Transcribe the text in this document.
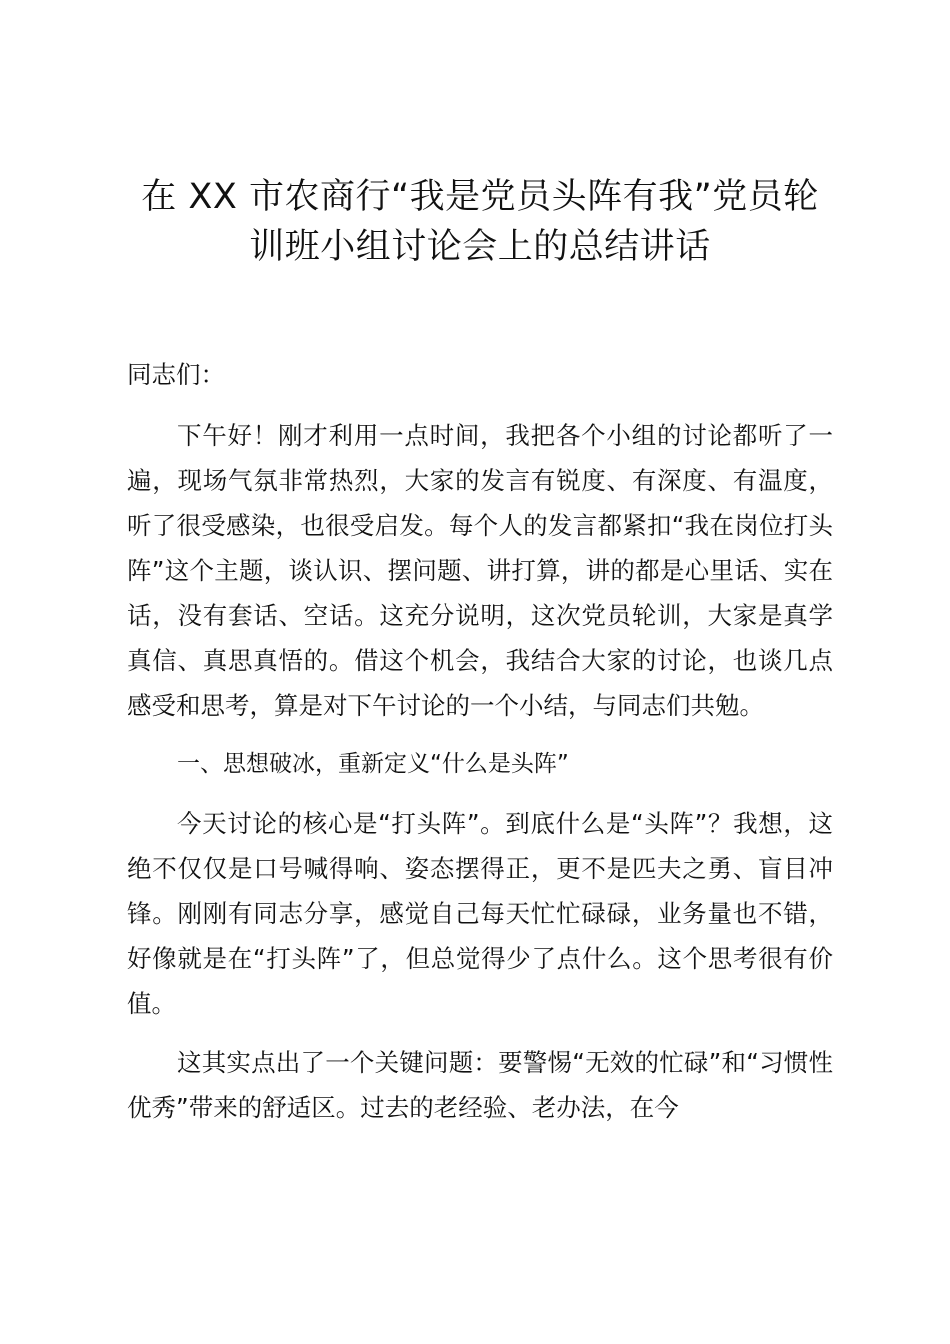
在 XX 市农商行“我是党员头阵有我”党员轮
训班小组讨论会上的总结讲话

同志们：

下午好！刚才利用一点时间，我把各个小组的讨论都听了一遍，现场气氛非常热烈，大家的发言有锐度、有深度、有温度，听了很受感染，也很受启发。每个人的发言都紧扣“我在岗位打头阵”这个主题，谈认识、摆问题、讲打算，讲的都是心里话、实在话，没有套话、空话。这充分说明，这次党员轮训，大家是真学真信、真思真悟的。借这个机会，我结合大家的讨论，也谈几点感受和思考，算是对下午讨论的一个小结，与同志们共勉。

一、思想破冰，重新定义“什么是头阵”

今天讨论的核心是“打头阵”。到底什么是“头阵”？我想，这绝不仅仅是口号喊得响、姿态摆得正，更不是匹夫之勇、盲目冲锋。刚刚有同志分享，感觉自己每天忙忙碌碌，业务量也不错，好像就是在“打头阵”了，但总觉得少了点什么。这个思考很有价值。

这其实点出了一个关键问题：要警惕“无效的忙碌”和“习惯性优秀”带来的舒适区。过去的老经验、老办法，在今
